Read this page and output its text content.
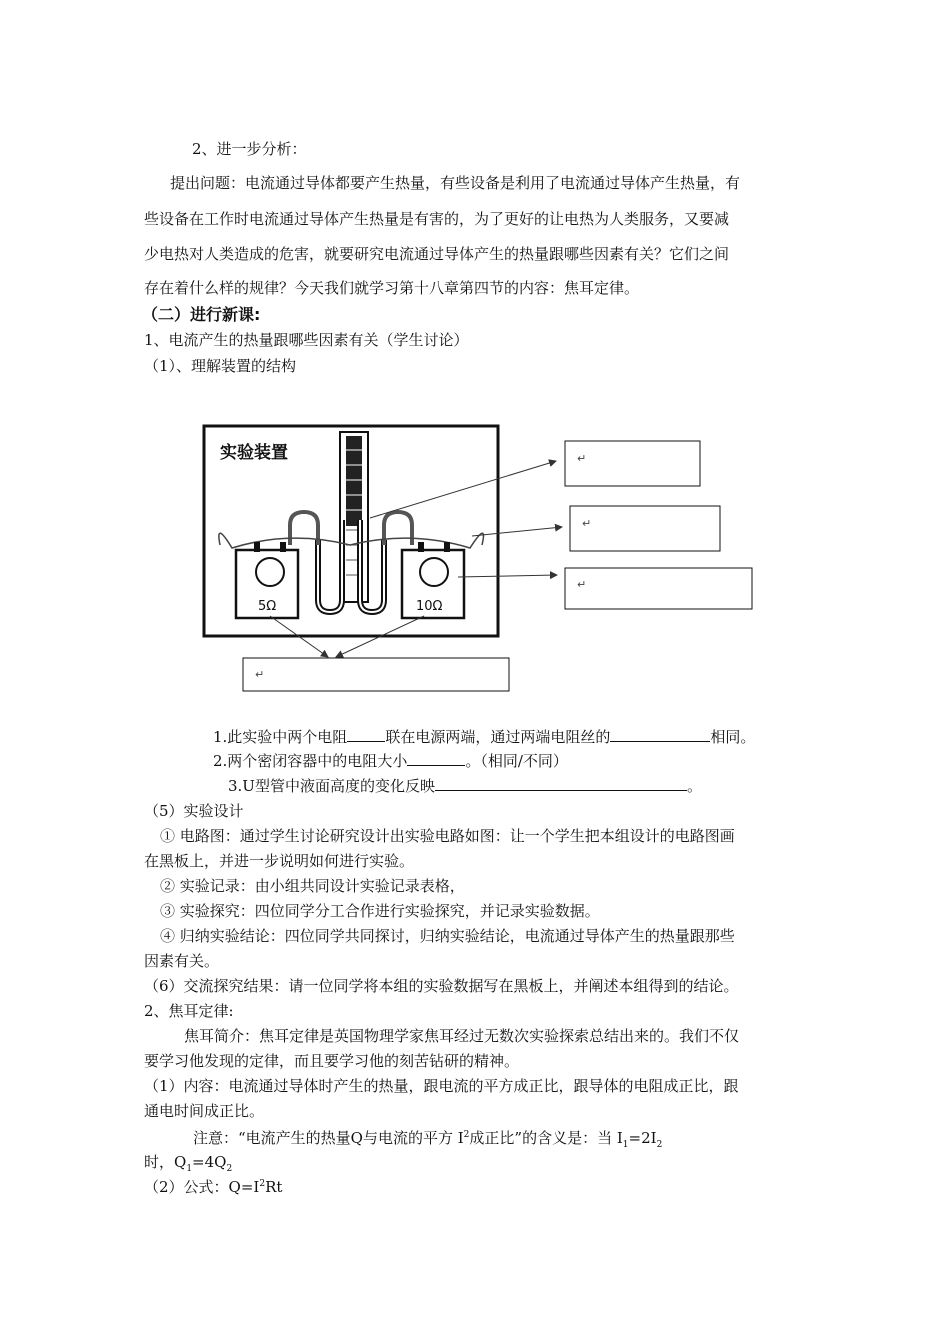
2、进一步分析：
提出问题：电流通过导体都要产生热量，有些设备是利用了电流通过导体产生热量，有
些设备在工作时电流通过导体产生热量是有害的，为了更好的让电热为人类服务，又要减
少电热对人类造成的危害，就要研究电流通过导体产生的热量跟哪些因素有关？它们之间
存在着什么样的规律？今天我们就学习第十八章第四节的内容：焦耳定律。
（二）进行新课:
1、电流产生的热量跟哪些因素有关（学生讨论）
（1）、理解装置的结构
实验装置
5Ω	10Ω
↵
↵
↵
↵
1.此实验中两个电阻	联在电源两端，通过两端电阻丝的	相同。
2.两个密闭容器中的电阻大小	。（相同/不同）
3.U型管中液面高度的变化反映	。
（5）实验设计
① 电路图：通过学生讨论研究设计出实验电路如图：让一个学生把本组设计的电路图画
在黑板上，并进一步说明如何进行实验。
② 实验记录：由小组共同设计实验记录表格，
③ 实验探究：四位同学分工合作进行实验探究，并记录实验数据。
④ 归纳实验结论：四位同学共同探讨，归纳实验结论，电流通过导体产生的热量跟那些
因素有关。
（6）交流探究结果：请一位同学将本组的实验数据写在黑板上，并阐述本组得到的结论。
2、焦耳定律:
焦耳简介：焦耳定律是英国物理学家焦耳经过无数次实验探索总结出来的。我们不仅
要学习他发现的定律，而且要学习他的刻苦钻研的精神。
（1）内容：电流通过导体时产生的热量，跟电流的平方成正比，跟导体的电阻成正比，跟
通电时间成正比。
注意：“电流产生的热量Q与电流的平方 $I^2$成正比”的含义是：当 $I_1=2I_2$
时，$Q_1=4Q_2$
（2）公式：$Q=I^2Rt$
